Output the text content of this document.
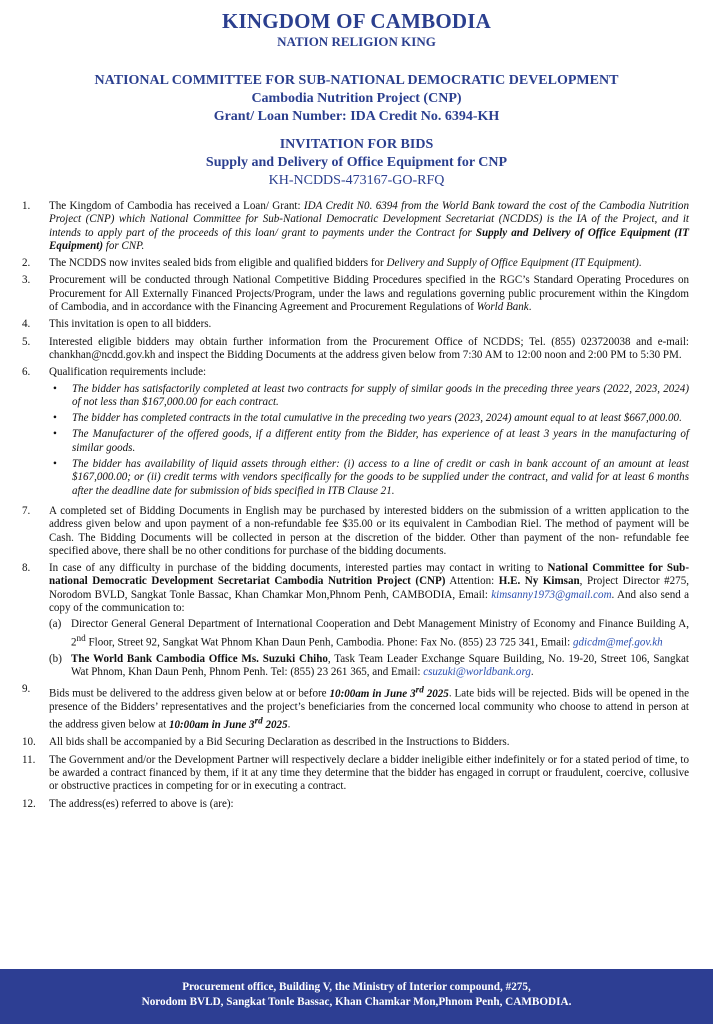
KINGDOM OF CAMBODIA
NATION RELIGION KING
NATIONAL COMMITTEE FOR SUB-NATIONAL DEMOCRATIC DEVELOPMENT
Cambodia Nutrition Project (CNP)
Grant/ Loan Number: IDA Credit No. 6394-KH
INVITATION FOR BIDS
Supply and Delivery of Office Equipment for CNP
KH-NCDDS-473167-GO-RFQ
1.	The Kingdom of Cambodia has received a Loan/ Grant: IDA Credit N0. 6394 from the World Bank toward the cost of the Cambodia Nutrition Project (CNP) which National Committee for Sub-National Democratic Development Secretariat (NCDDS) is the IA of the Project, and it intends to apply part of the proceeds of this loan/ grant to payments under the Contract for Supply and Delivery of Office Equipment (IT Equipment) for CNP.
2.	The NCDDS now invites sealed bids from eligible and qualified bidders for Delivery and Supply of Office Equipment (IT Equipment).
3.	Procurement will be conducted through National Competitive Bidding Procedures specified in the RGC’s Standard Operating Procedures on Procurement for All Externally Financed Projects/Program, under the laws and regulations governing public procurement within the Kingdom of Cambodia, and in accordance with the Financing Agreement and Procurement Regulations of World Bank.
4.	This invitation is open to all bidders.
5.	Interested eligible bidders may obtain further information from the Procurement Office of NCDDS; Tel. (855) 023720038 and e-mail: chankhan@ncdd.gov.kh and inspect the Bidding Documents at the address given below from 7:30 AM to 12:00 noon and 2:00 PM to 5:30 PM.
6.	Qualification requirements include:
•	The bidder has satisfactorily completed at least two contracts for supply of similar goods in the preceding three years (2022, 2023, 2024) of not less than $167,000.00 for each contract.
•	The bidder has completed contracts in the total cumulative in the preceding two years (2023, 2024) amount equal to at least $667,000.00.
•	The Manufacturer of the offered goods, if a different entity from the Bidder, has experience of at least 3 years in the manufacturing of similar goods.
•	The bidder has availability of liquid assets through either: (i) access to a line of credit or cash in bank account of an amount at least $167,000.00; or (ii) credit terms with vendors specifically for the goods to be supplied under the contract, and valid for at least 6 months after the deadline date for submission of bids specified in ITB Clause 21.
7.	A completed set of Bidding Documents in English may be purchased by interested bidders on the submission of a written application to the address given below and upon payment of a non-refundable fee $35.00 or its equivalent in Cambodian Riel. The method of payment will be Cash. The Bidding Documents will be collected in person at the discretion of the bidder. Other than payment of the non- refundable fee specified above, there shall be no other conditions for purchase of the bidding documents.
8.	In case of any difficulty in purchase of the bidding documents, interested parties may contact in writing to National Committee for Sub-national Democratic Development Secretariat Cambodia Nutrition Project (CNP) Attention: H.E. Ny Kimsan, Project Director #275, Norodom BVLD, Sangkat Tonle Bassac, Khan Chamkar Mon,Phnom Penh, CAMBODIA, Email: kimsanny1973@gmail.com. And also send a copy of the communication to:
(a) Director General General Department of International Cooperation and Debt Management Ministry of Economy and Finance Building A, 2nd Floor, Street 92, Sangkat Wat Phnom Khan Daun Penh, Cambodia. Phone: Fax No. (855) 23 725 341, Email: gdicdm@mef.gov.kh
(b) The World Bank Cambodia Office Ms. Suzuki Chiho, Task Team Leader Exchange Square Building, No. 19-20, Street 106, Sangkat Wat Phnom, Khan Daun Penh, Phnom Penh. Tel: (855) 23 261 365, and Email: csuzuki@worldbank.org.
9.	Bids must be delivered to the address given below at or before 10:00am in June 3rd 2025. Late bids will be rejected. Bids will be opened in the presence of the Bidders’ representatives and the project’s beneficiaries from the concerned local community who choose to attend in person at the address given below at 10:00am in June 3rd 2025.
10.	All bids shall be accompanied by a Bid Securing Declaration as described in the Instructions to Bidders.
11.	The Government and/or the Development Partner will respectively declare a bidder ineligible either indefinitely or for a stated period of time, to be awarded a contract financed by them, if it at any time they determine that the bidder has engaged in corrupt or fraudulent, coercive, collusive or obstructive practices in competing for or in executing a contract.
12.	The address(es) referred to above is (are):
Procurement office, Building V, the Ministry of Interior compound, #275,
Norodom BVLD, Sangkat Tonle Bassac, Khan Chamkar Mon,Phnom Penh, CAMBODIA.
